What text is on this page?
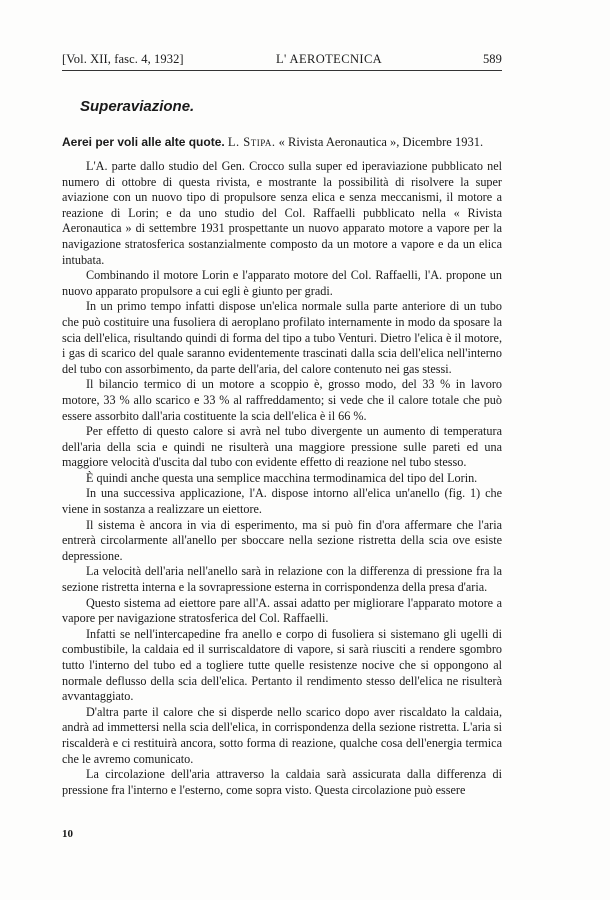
[Vol. XII, fasc. 4, 1932]	L' AEROTECNICA	589
Superaviazione.
Aerei per voli alle alte quote. L. Stipa. « Rivista Aeronautica », Dicembre 1931.

L'A. parte dallo studio del Gen. Crocco sulla super ed iperaviazione pubblicato nel numero di ottobre di questa rivista, e mostrante la possibilità di risolvere la super aviazione con un nuovo tipo di propulsore senza elica e senza meccanismi, il motore a reazione di Lorin; e da uno studio del Col. Raffaelli pubblicato nella « Rivista Aeronautica » di settembre 1931 prospettante un nuovo apparato motore a vapore per la navigazione stratosferica sostanzialmente composto da un motore a vapore e da un elica intubata.

Combinando il motore Lorin e l'apparato motore del Col. Raffaelli, l'A. propone un nuovo apparato propulsore a cui egli è giunto per gradi.

In un primo tempo infatti dispose un'elica normale sulla parte anteriore di un tubo che può costituire una fusoliera di aeroplano profilato internamente in modo da sposare la scia dell'elica, risultando quindi di forma del tipo a tubo Venturi. Dietro l'elica è il motore, i gas di scarico del quale saranno evidentemente trascinati dalla scia dell'elica nell'interno del tubo con assorbimento, da parte dell'aria, del calore contenuto nei gas stessi.

Il bilancio termico di un motore a scoppio è, grosso modo, del 33 % in lavoro motore, 33 % allo scarico e 33 % al raffreddamento; si vede che il calore totale che può essere assorbito dall'aria costituente la scia dell'elica è il 66 %.

Per effetto di questo calore si avrà nel tubo divergente un aumento di temperatura dell'aria della scia e quindi ne risulterà una maggiore pressione sulle pareti ed una maggiore velocità d'uscita dal tubo con evidente effetto di reazione nel tubo stesso.

È quindi anche questa una semplice macchina termodinamica del tipo del Lorin.

In una successiva applicazione, l'A. dispose intorno all'elica un'anello (fig. 1) che viene in sostanza a realizzare un eiettore.

Il sistema è ancora in via di esperimento, ma si può fin d'ora affermare che l'aria entrerà circolarmente all'anello per sboccare nella sezione ristretta della scia ove esiste depressione.

La velocità dell'aria nell'anello sarà in relazione con la differenza di pressione fra la sezione ristretta interna e la sovrapressione esterna in corrispondenza della presa d'aria.

Questo sistema ad eiettore pare all'A. assai adatto per migliorare l'apparato motore a vapore per navigazione stratosferica del Col. Raffaelli.

Infatti se nell'intercapedine fra anello e corpo di fusoliera si sistemano gli ugelli di combustibile, la caldaia ed il surriscaldatore di vapore, si sarà riusciti a rendere sgombro tutto l'interno del tubo ed a togliere tutte quelle resistenze nocive che si oppongono al normale deflusso della scia dell'elica. Pertanto il rendimento stesso dell'elica ne risulterà avvantaggiato.

D'altra parte il calore che si disperde nello scarico dopo aver riscaldato la caldaia, andrà ad immettersi nella scia dell'elica, in corrispondenza della sezione ristretta. L'aria si riscalderà e ci restituirà ancora, sotto forma di reazione, qualche cosa dell'energia termica che le avremo comunicato.

La circolazione dell'aria attraverso la caldaia sarà assicurata dalla differenza di pressione fra l'interno e l'esterno, come sopra visto. Questa circolazione può essere

10
